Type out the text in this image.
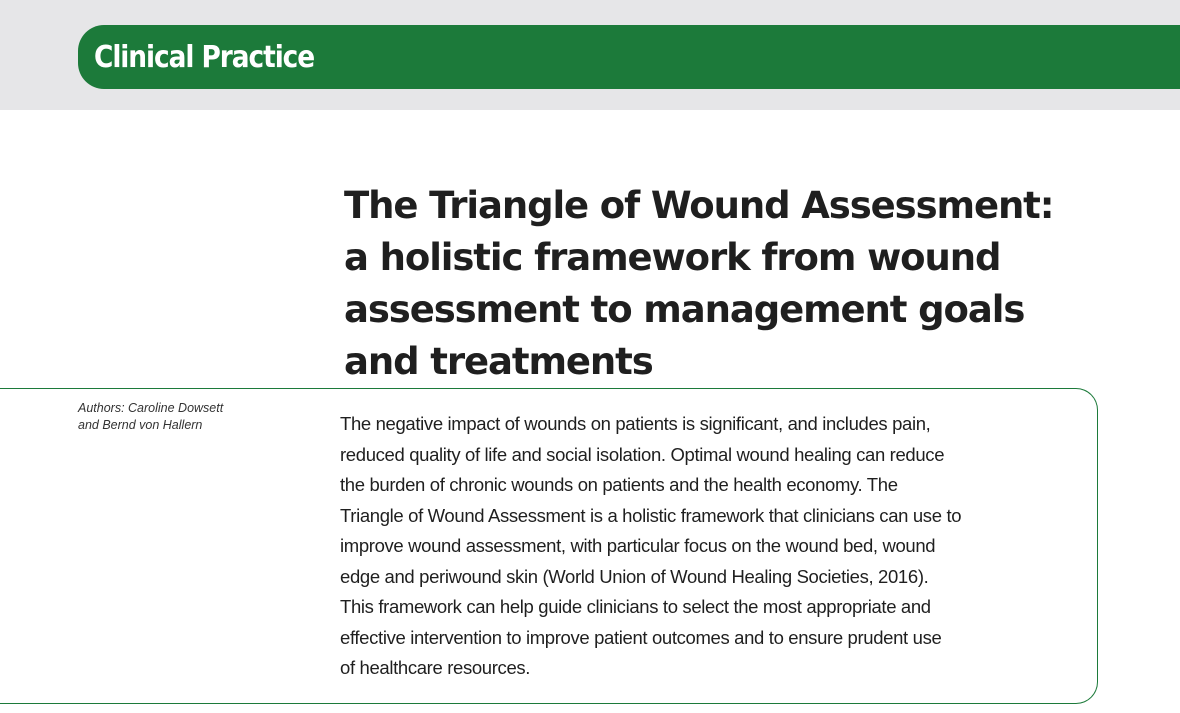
Clinical Practice
The Triangle of Wound Assessment:
a holistic framework from wound
assessment to management goals
and treatments

Authors: Caroline Dowsett
and Bernd von Hallern	The negative impact of wounds on patients is significant, and includes pain,
reduced quality of life and social isolation. Optimal wound healing can reduce
the burden of chronic wounds on patients and the health economy. The
Triangle of Wound Assessment is a holistic framework that clinicians can use to
improve wound assessment, with particular focus on the wound bed, wound
edge and periwound skin (World Union of Wound Healing Societies, 2016).
This framework can help guide clinicians to select the most appropriate and
effective intervention to improve patient outcomes and to ensure prudent use
of healthcare resources.
